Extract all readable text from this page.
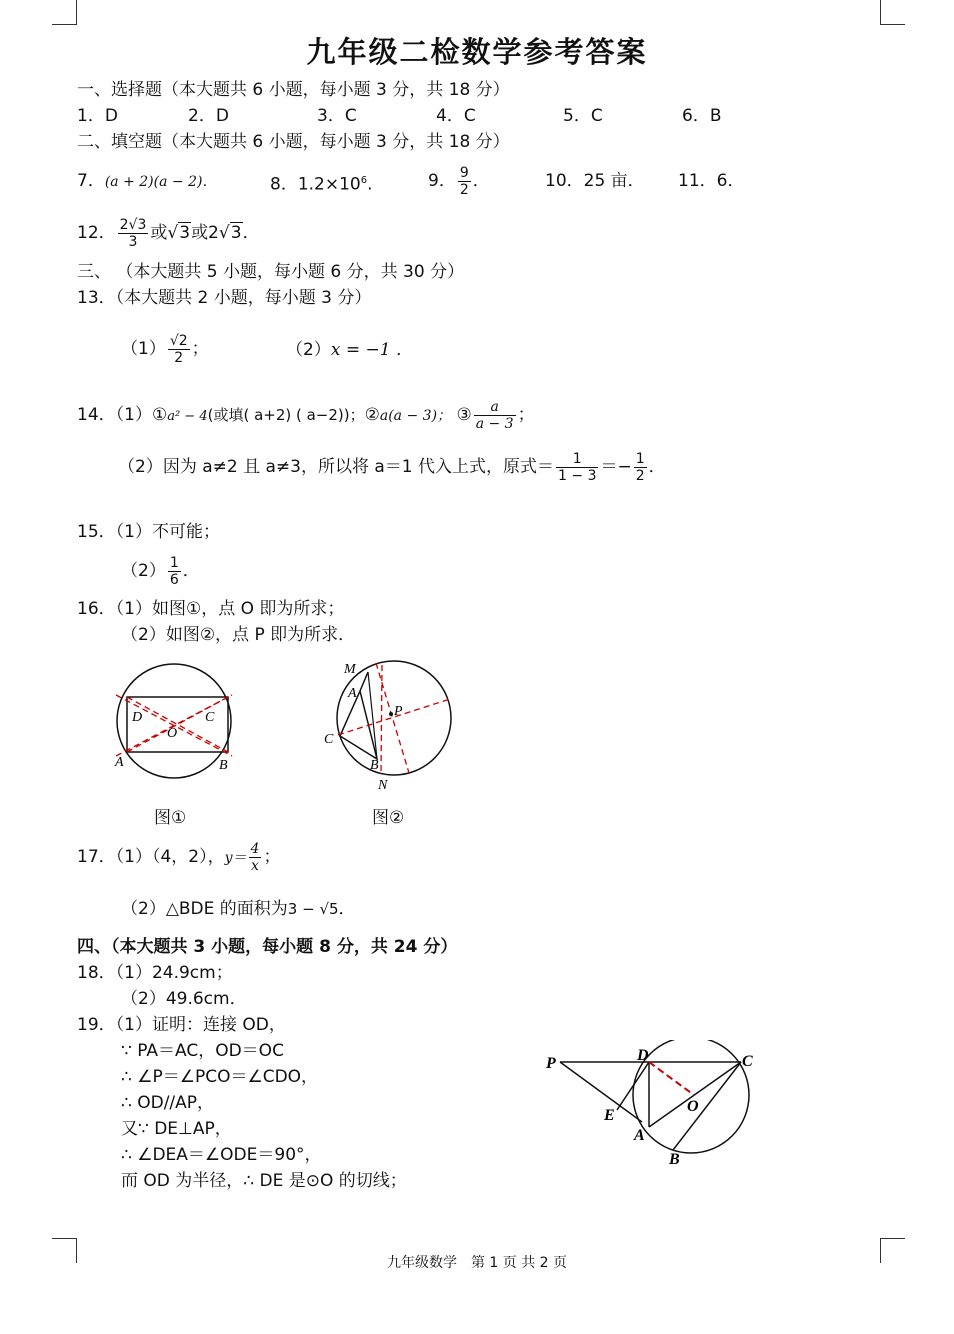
九年级二检数学参考答案
一、选择题（本大题共 6 小题，每小题 3 分，共 18 分）
1．D	2．D	3．C	4．C	5．C	6．B
二、填空题（本大题共 6 小题，每小题 3 分，共 18 分）
7．(a + 2)(a − 2)．	8．$1.2\times 10^6$.	9． $\frac{9}{2}$ ．	10．25 亩． 11．6．
12． $\frac{2√3}{3}$ 或√3或2√3．
三、 （本大题共 5 小题，每小题 6 分，共 30 分）
13．（本大题共 2 小题，每小题 3 分）
$(1) \frac{√2}{2}$ ；	（2）x = −1 ．
14．（1）①a² − 4(或填( a+2) ( a−2))；②a(a − 3)； ③ $\frac{a}{a - 3}$ ；
（2）因为 a≠2 且 a≠3，所以将 a＝1 代入上式，原式＝ $\frac{1}{1 - 3} =- \frac{1}{2}$ ．
15．（1）不可能；
$(2) \frac{1}{6}$ ．
16．（1）如图①，点 O 即为所求；
（2）如图②，点 P 即为所求．
D	C
O
A	B
图①
M
A
P
C
B
N
图②
17．（1）（4，2），$y= \frac{4}{x}$ ；
（2）△BDE 的面积为3 − √5．
四、（本大题共 3 小题，每小题 8 分，共 24 分）
18．（1）24.9cm；
（2）49.6cm．
19．（1）证明：连接 OD，
∵ PA＝AC，OD＝OC
∴ ∠P＝∠PCO＝∠CDO，
∴ OD//AP，
又∵ DE⊥AP，
∴ ∠DEA＝∠ODE＝90°，
而 OD 为半径，∴ DE 是⊙O 的切线；
P	D	C
E
O
A
B
九年级数学　第 1 页 共 2 页
